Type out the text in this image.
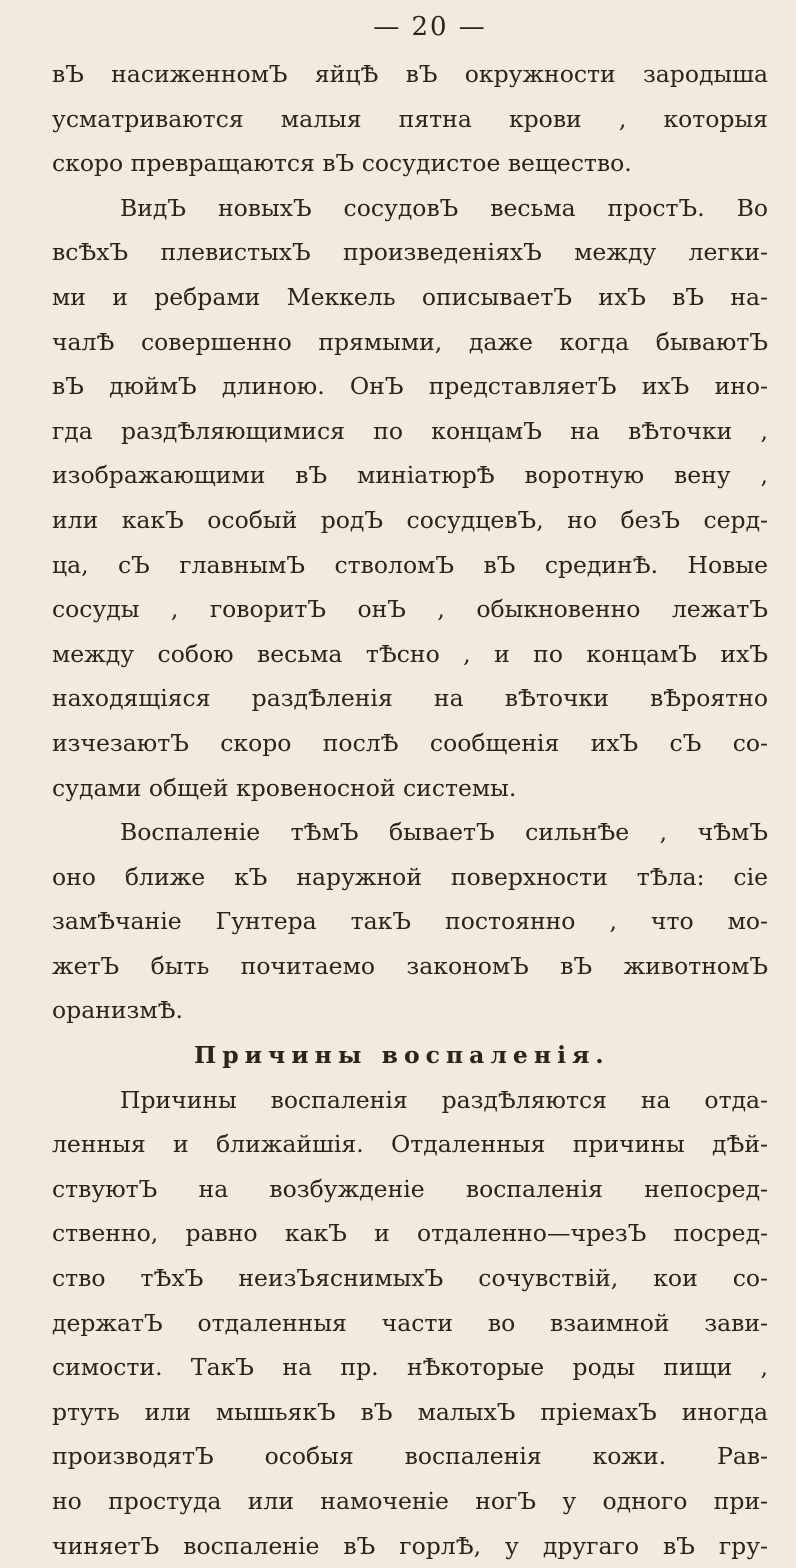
— 20 —
вЪ насиженномЪ яйцѢ вЪ окружности зародыша
усматриваются малыя пятна крови , которыя
скоро превращаются вЪ сосудистое вещество.
ВидЪ новыхЪ сосудовЪ весьма простЪ. Во
всѢхЪ плевистыхЪ произведеніяхЪ между легки-
ми и ребрами Меккель описываетЪ ихЪ вЪ на-
чалѢ совершенно прямыми, даже когда бываютЪ
вЪ дюймЪ длиною. ОнЪ представляетЪ ихЪ ино-
гда раздѢляющимися по концамЪ на вѢточки ,
изображающими вЪ миніатюрѢ воротную вену ,
или какЪ особый родЪ сосудцевЪ, но безЪ серд-
ца, сЪ главнымЪ стволомЪ вЪ срединѢ. Новые
сосуды , говоритЪ онЪ , обыкновенно лежатЪ
между собою весьма тѢсно , и по концамЪ ихЪ
находящіяся раздѢленія на вѢточки вѢроятно
изчезаютЪ скоро послѢ сообщенія ихЪ сЪ со-
судами общей кровеносной системы.
Воспаленіе тѢмЪ бываетЪ сильнѢе , чѢмЪ
оно ближе кЪ наружной поверхности тѢла: сіе
замѢчаніе Гунтера такЪ постоянно , что мо-
жетЪ быть почитаемо закономЪ вЪ животномЪ
оранизмѢ.
Причины воспаленія.
Причины воспаленія раздѢляются на отда-
ленныя и ближайшія. Отдаленныя причины дѢй-
ствуютЪ на возбужденіе воспаленія непосред-
ственно, равно какЪ и отдаленно—чрезЪ посред-
ство тѢхЪ неизЪяснимыхЪ сочувствій, кои со-
держатЪ отдаленныя части во взаимной зави-
симости. ТакЪ на пр. нѢкоторые роды пищи ,
ртуть или мышьякЪ вЪ малыхЪ пріемахЪ иногда
производятЪ особыя воспаленія кожи. Рав-
но простуда или намоченіе ногЪ у одного при-
чиняетЪ воспаленіе вЪ горлѢ, у другаго вЪ гру-
